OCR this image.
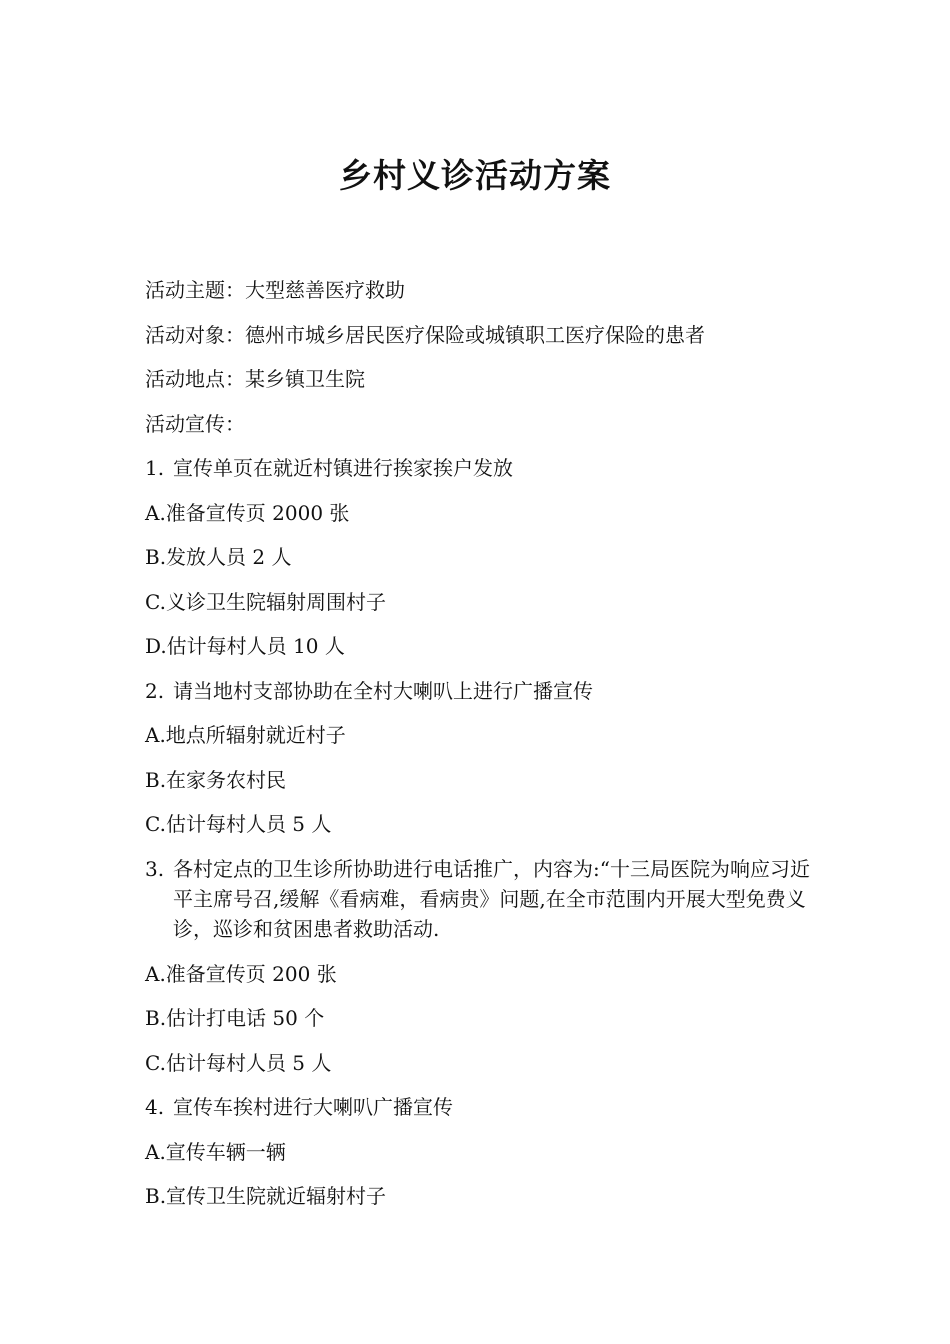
乡村义诊活动方案

活动主题：大型慈善医疗救助

活动对象：德州市城乡居民医疗保险或城镇职工医疗保险的患者

活动地点：某乡镇卫生院

活动宣传：

1. 宣传单页在就近村镇进行挨家挨户发放

A.准备宣传页 2000 张

B.发放人员 2 人

C.义诊卫生院辐射周围村子

D.估计每村人员 10 人

2. 请当地村支部协助在全村大喇叭上进行广播宣传

A.地点所辐射就近村子

B.在家务农村民

C.估计每村人员 5 人

3. 各村定点的卫生诊所协助进行电话推广，内容为:“十三局医院为响应习近平主席号召,缓解《看病难，看病贵》问题,在全市范围内开展大型免费义诊，巡诊和贫困患者救助活动.

A.准备宣传页 200 张

B.估计打电话 50 个

C.估计每村人员 5 人

4. 宣传车挨村进行大喇叭广播宣传

A.宣传车辆一辆

B.宣传卫生院就近辐射村子
